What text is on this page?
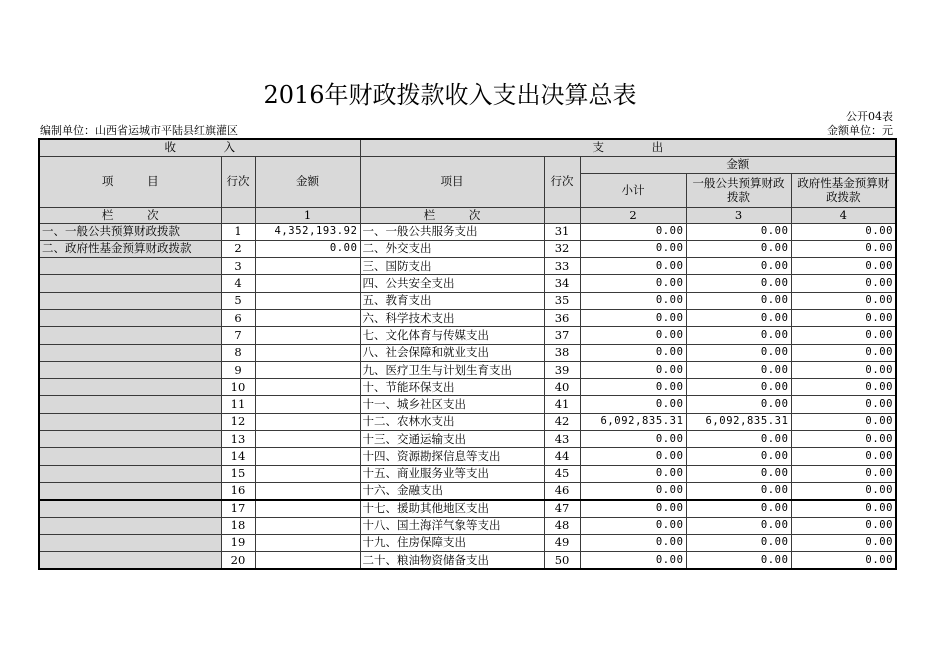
2016年财政拨款收入支出决算总表
公开04表
编制单位：山西省运城市平陆县红旗灌区	金额单位：元
收 入			支 出				
项 目	行次	金额	项目	行次	金额		
					小计	一般公共预算财政拨款	政府性基金预算财政拨款
栏 次		1	栏 次		2	3	4
一、一般公共预算财政拨款	1	4,352,193.92	一、一般公共服务支出	31	0.00	0.00	0.00
二、政府性基金预算财政拨款	2	0.00	二、外交支出	32	0.00	0.00	0.00
	3		三、国防支出	33	0.00	0.00	0.00
	4		四、公共安全支出	34	0.00	0.00	0.00
	5		五、教育支出	35	0.00	0.00	0.00
	6		六、科学技术支出	36	0.00	0.00	0.00
	7		七、文化体育与传媒支出	37	0.00	0.00	0.00
	8		八、社会保障和就业支出	38	0.00	0.00	0.00
	9		九、医疗卫生与计划生育支出	39	0.00	0.00	0.00
	10		十、节能环保支出	40	0.00	0.00	0.00
	11		十一、城乡社区支出	41	0.00	0.00	0.00
	12		十二、农林水支出	42	6,092,835.31	6,092,835.31	0.00
	13		十三、交通运输支出	43	0.00	0.00	0.00
	14		十四、资源勘探信息等支出	44	0.00	0.00	0.00
	15		十五、商业服务业等支出	45	0.00	0.00	0.00
	16		十六、金融支出	46	0.00	0.00	0.00
	17		十七、援助其他地区支出	47	0.00	0.00	0.00
	18		十八、国土海洋气象等支出	48	0.00	0.00	0.00
	19		十九、住房保障支出	49	0.00	0.00	0.00
	20		二十、粮油物资储备支出	50	0.00	0.00	0.00
